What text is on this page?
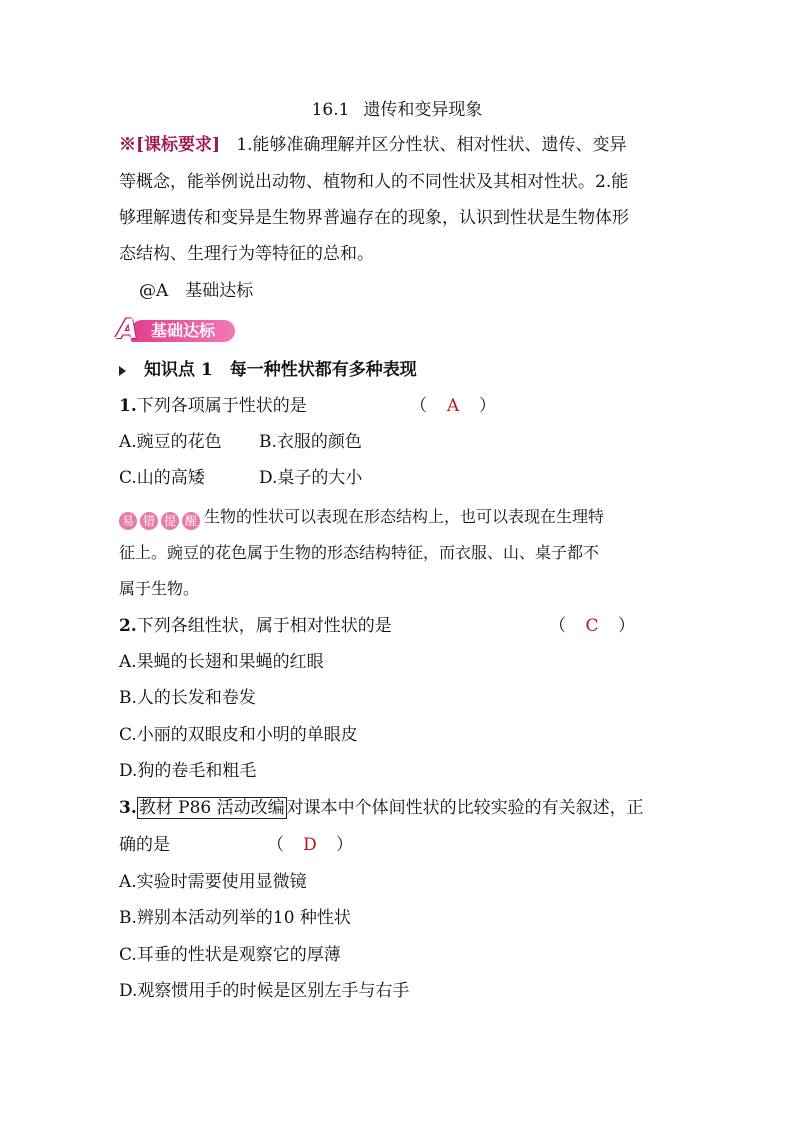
16.1 遗传和变异现象
※[课标要求] 1.能够准确理解并区分性状、相对性状、遗传、变异
等概念，能举例说出动物、植物和人的不同性状及其相对性状。2.能
够理解遗传和变异是生物界普遍存在的现象，认识到性状是生物体形
态结构、生理行为等特征的总和。
@A　基础达标
A 基础达标
知识点 1　每一种性状都有多种表现
1.下列各项属于性状的是	（ A ）
A.豌豆的花色 B.衣服的颜色
C.山的高矮	D.桌子的大小
易 错 提 醒 生物的性状可以表现在形态结构上，也可以表现在生理特
征上。豌豆的花色属于生物的形态结构特征，而衣服、山、桌子都不
属于生物。
2.下列各组性状，属于相对性状的是	（ C ）
A.果蝇的长翅和果蝇的红眼
B.人的长发和卷发
C.小丽的双眼皮和小明的单眼皮
D.狗的卷毛和粗毛
3. 教材 P86 活动改编 对课本中个体间性状的比较实验的有关叙述，正
确的是	（ D ）
A.实验时需要使用显微镜
B.辨别本活动列举的10 种性状
C.耳垂的性状是观察它的厚薄
D.观察惯用手的时候是区别左手与右手
